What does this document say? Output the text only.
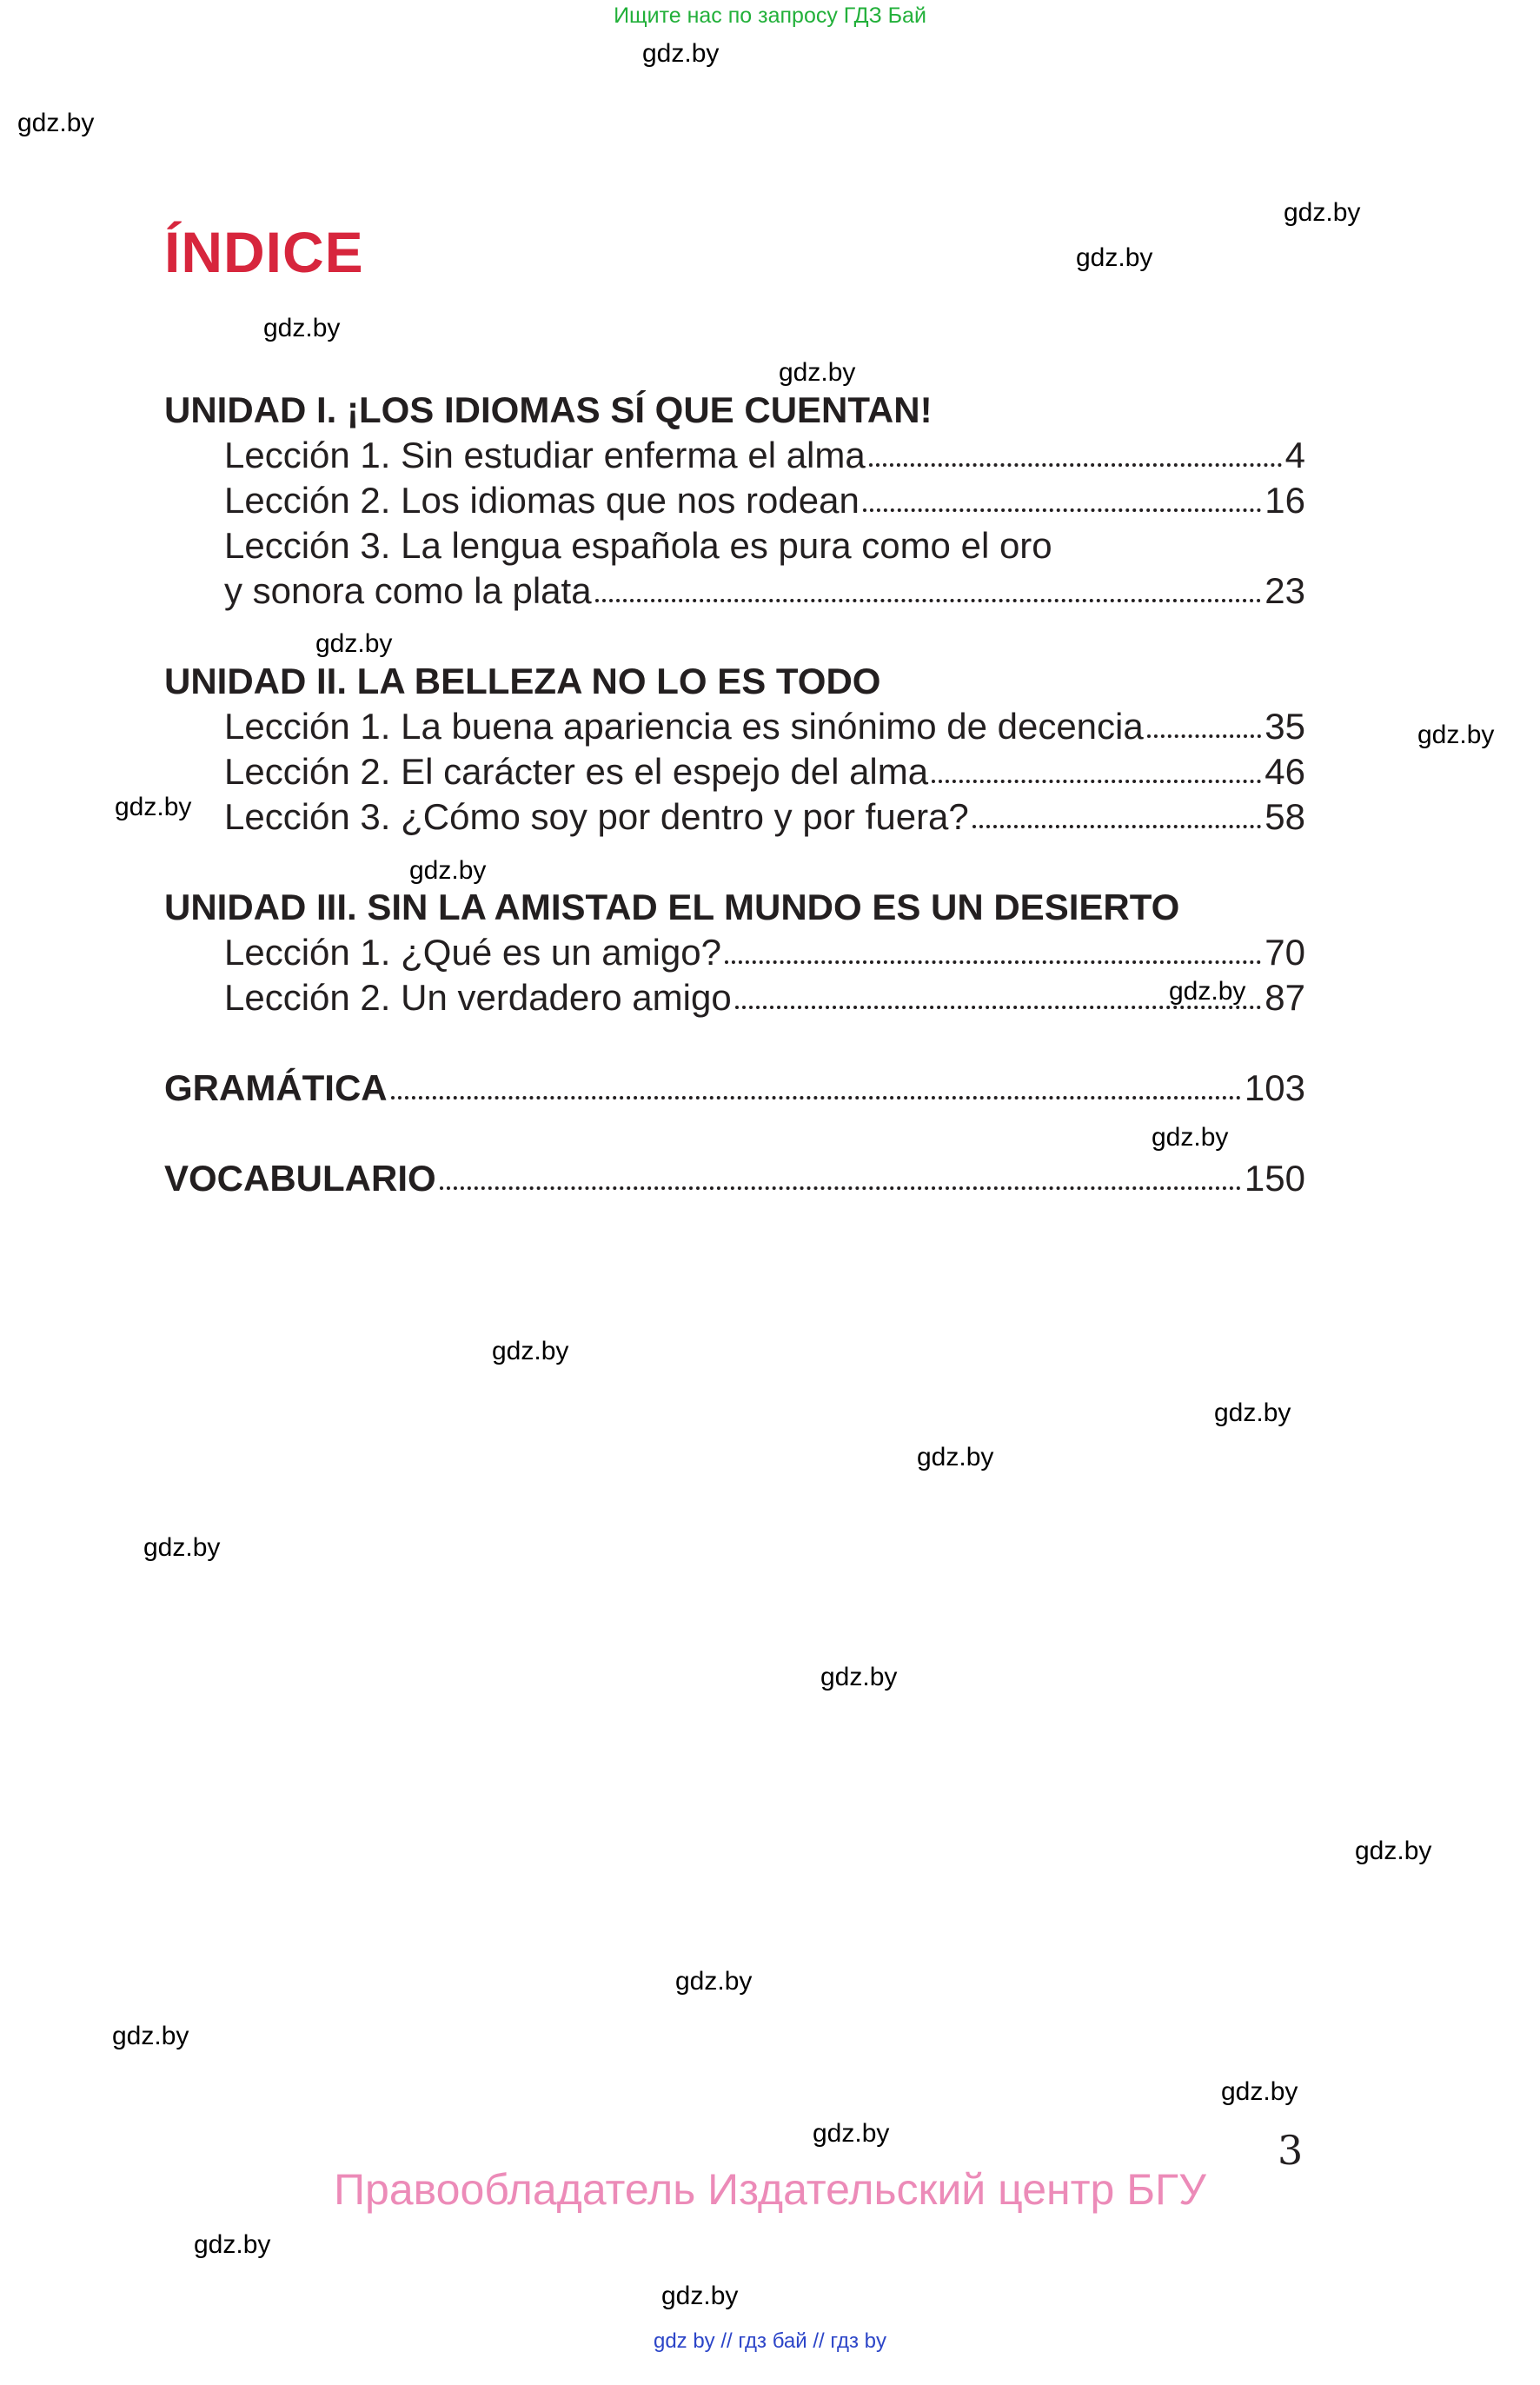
Ищите нас по запросу ГДЗ Бай
gdz.by
gdz.by
gdz.by
gdz.by
gdz.by
gdz.by
gdz.by
gdz.by
gdz.by
gdz.by
gdz.by
gdz.by
gdz.by
gdz.by
gdz.by
gdz.by
gdz.by
gdz.by
gdz.by
gdz.by
gdz.by
gdz.by
gdz.by
gdz.by
ÍNDICE
UNIDAD I. ¡LOS IDIOMAS SÍ QUE CUENTAN!
Lección 1. Sin estudiar enferma el alma	4
Lección 2. Los idiomas que nos rodean	16
Lección 3. La lengua española es pura como el oro
y sonora como la plata	23
UNIDAD II. LA BELLEZA NO LO ES TODO
Lección 1. La buena apariencia es sinónimo de decencia	35
Lección 2. El carácter es el espejo del alma	46
Lección 3. ¿Cómo soy por dentro y por fuera?	58
UNIDAD III. SIN LA AMISTAD EL MUNDO ES UN DESIERTO
Lección 1. ¿Qué es un amigo?	70
Lección 2. Un verdadero amigo	87
GRAMÁTICA	103
VOCABULARIO	150
3
Правообладатель Издательский центр БГУ
gdz by // гдз бай // гдз by
